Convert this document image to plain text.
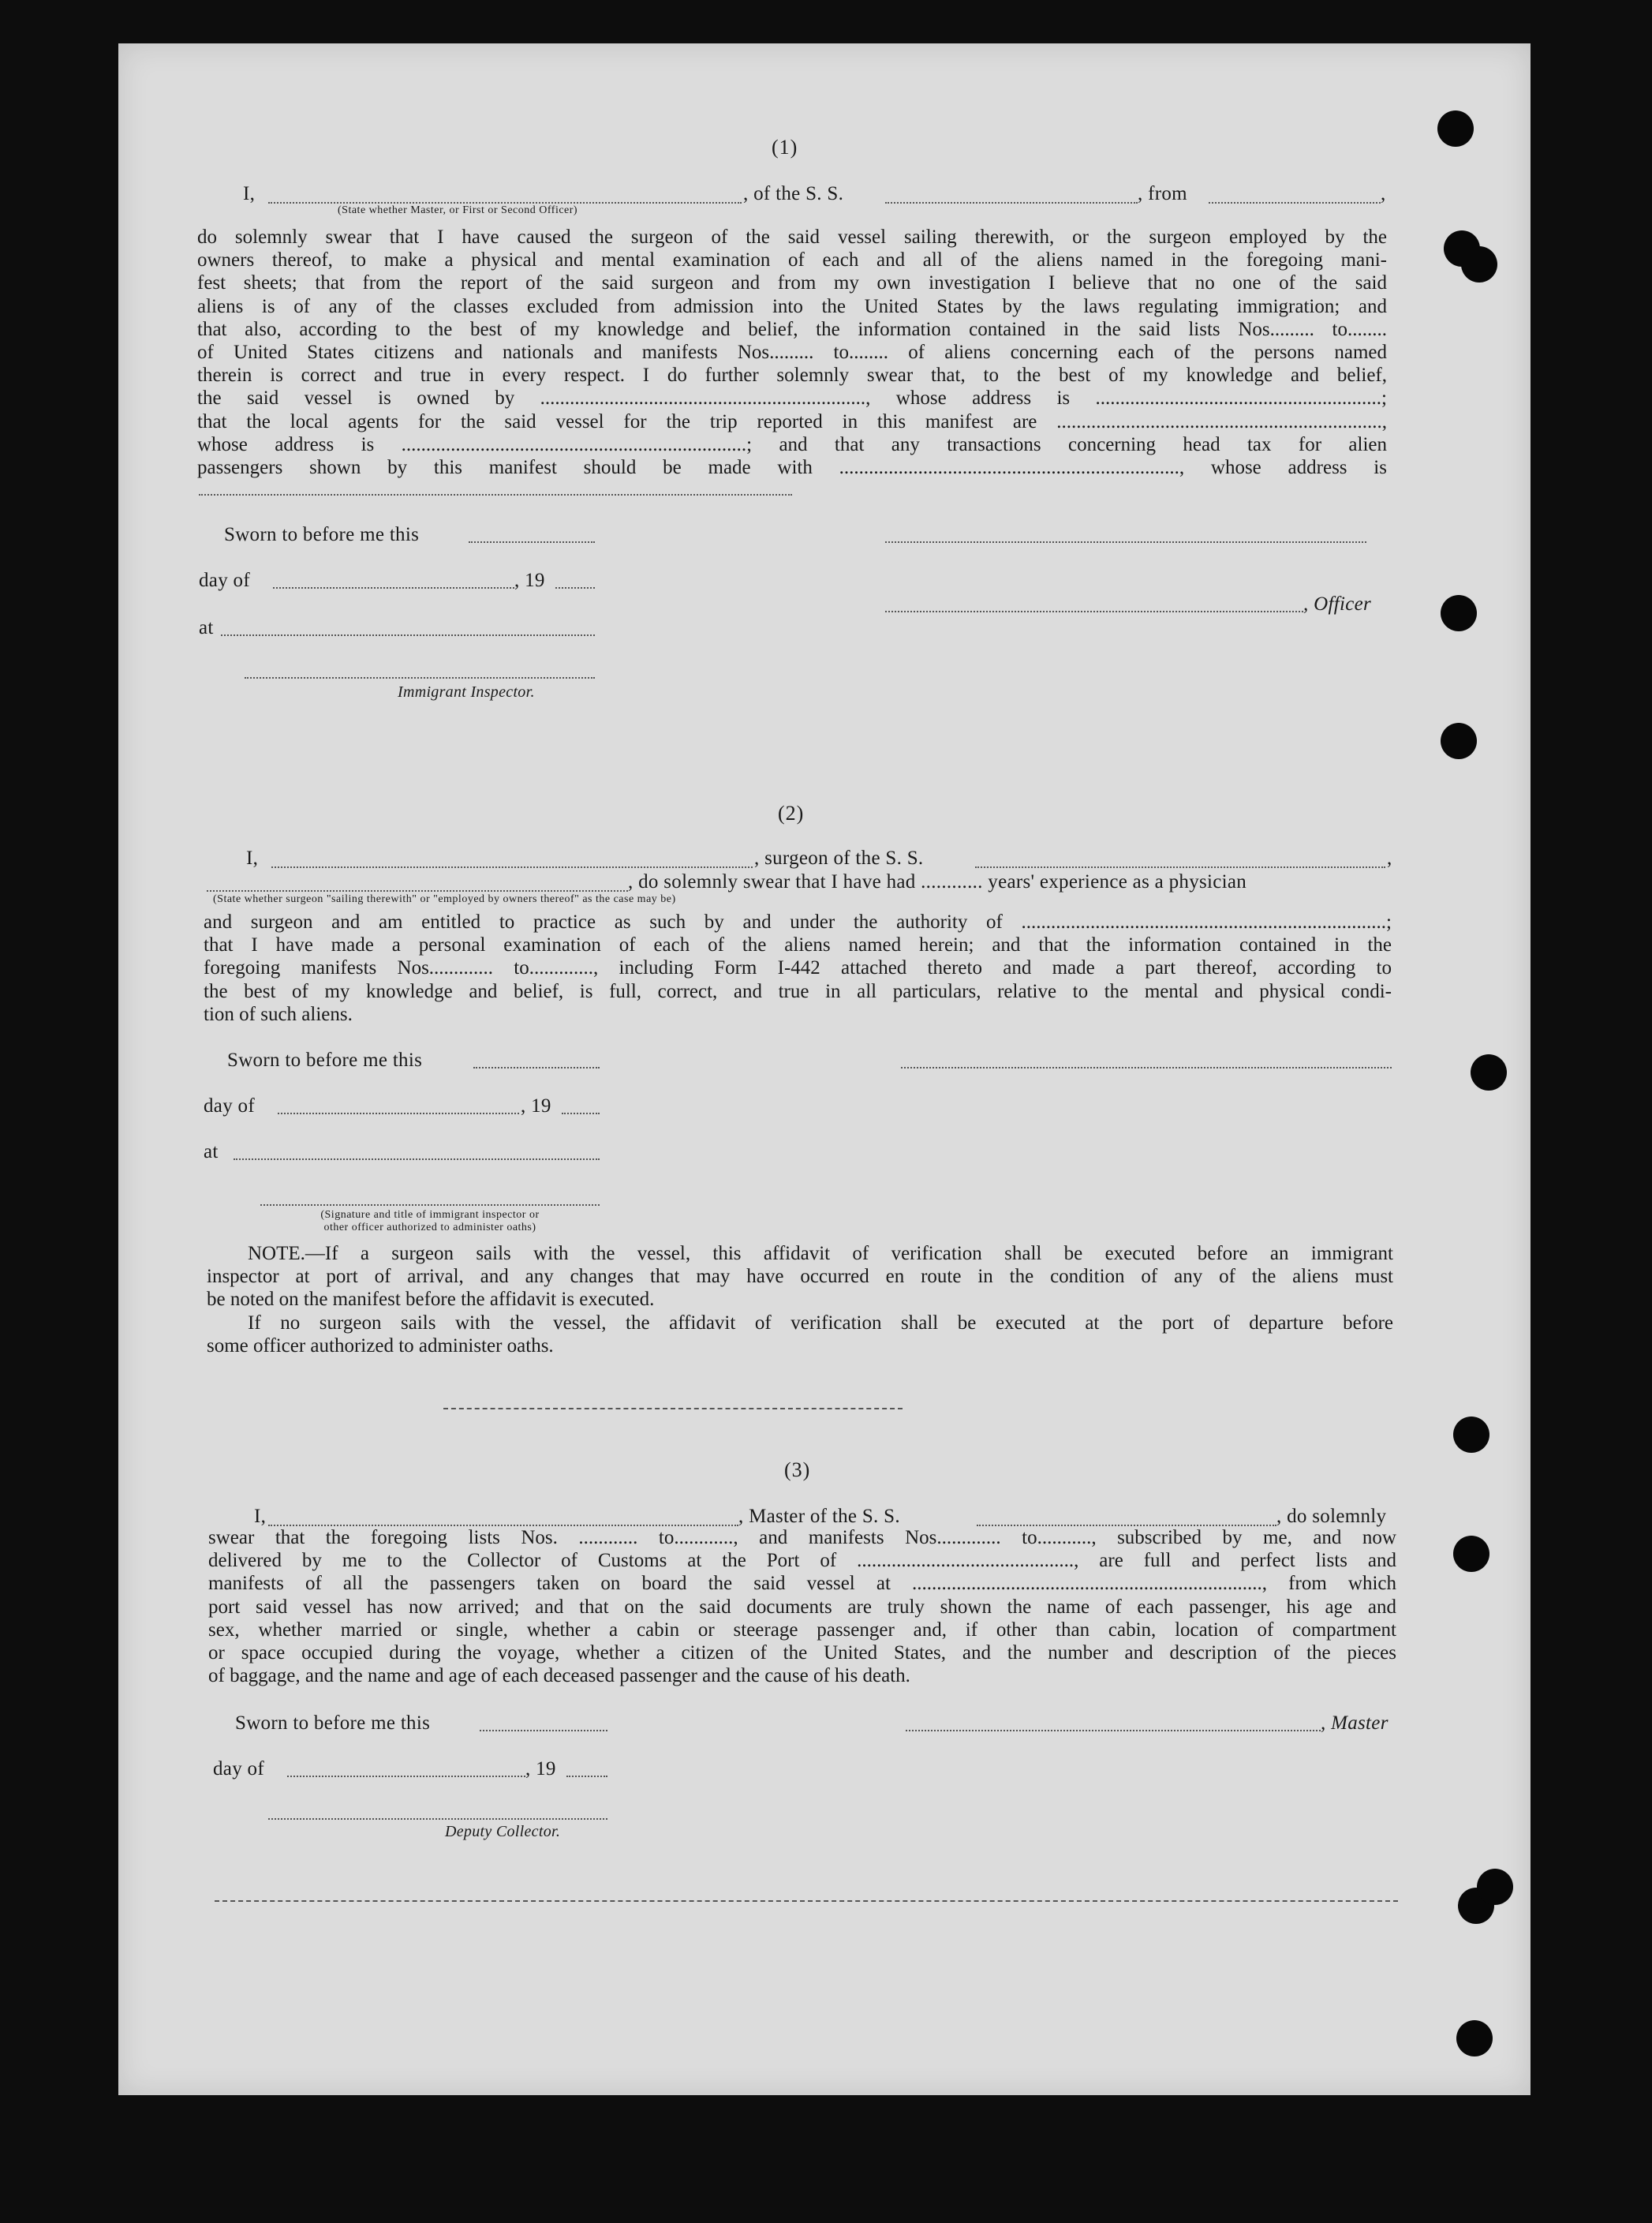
(1)
I,	, of the S. S.	, from	,
(State whether Master, or First or Second Officer)
do solemnly swear that I have caused the surgeon of the said vessel sailing therewith, or the surgeon employed by the
owners thereof, to make a physical and mental examination of each and all of the aliens named in the foregoing mani-
fest sheets; that from the report of the said surgeon and from my own investigation I believe that no one of the said
aliens is of any of the classes excluded from admission into the United States by the laws regulating immigration; and
that also, according to the best of my knowledge and belief, the information contained in the said lists Nos......... to........
of United States citizens and nationals and manifests Nos......... to........ of aliens concerning each of the persons named
therein is correct and true in every respect. I do further solemnly swear that, to the best of my knowledge and belief,
the said vessel is owned by .................................................................., whose address is ..........................................................;
that the local agents for the said vessel for the trip reported in this manifest are ..................................................................,
whose address is ......................................................................; and that any transactions concerning head tax for alien
passengers shown by this manifest should be made with ....................................................................., whose address is
Sworn to before me this
day of	, 19
, Officer
at
Immigrant Inspector.
(2)
I,	, surgeon of the S. S.	,
, do solemnly swear that I have had ............ years' experience as a physician
(State whether surgeon "sailing therewith" or "employed by owners thereof" as the case may be)
and surgeon and am entitled to practice as such by and under the authority of ..........................................................................;
that I have made a personal examination of each of the aliens named herein; and that the information contained in the
foregoing manifests Nos............. to............., including Form I-442 attached thereto and made a part thereof, according to
the best of my knowledge and belief, is full, correct, and true in all particulars, relative to the mental and physical condi-
tion of such aliens.
Sworn to before me this
day of	, 19
at
(Signature and title of immigrant inspector or
other officer authorized to administer oaths)
NOTE.—If a surgeon sails with the vessel, this affidavit of verification shall be executed before an immigrant
inspector at port of arrival, and any changes that may have occurred en route in the condition of any of the aliens must
be noted on the manifest before the affidavit is executed.
If no surgeon sails with the vessel, the affidavit of verification shall be executed at the port of departure before
some officer authorized to administer oaths.
(3)
I,	, Master of the S. S.	, do solemnly
swear that the foregoing lists Nos. ............ to............, and manifests Nos............. to..........., subscribed by me, and now
delivered by me to the Collector of Customs at the Port of ............................................, are full and perfect lists and
manifests of all the passengers taken on board the said vessel at ......................................................................., from which
port said vessel has now arrived; and that on the said documents are truly shown the name of each passenger, his age and
sex, whether married or single, whether a cabin or steerage passenger and, if other than cabin, location of compartment
or space occupied during the voyage, whether a citizen of the United States, and the number and description of the pieces
of baggage, and the name and age of each deceased passenger and the cause of his death.
Sworn to before me this	, Master
day of	, 19
Deputy Collector.
